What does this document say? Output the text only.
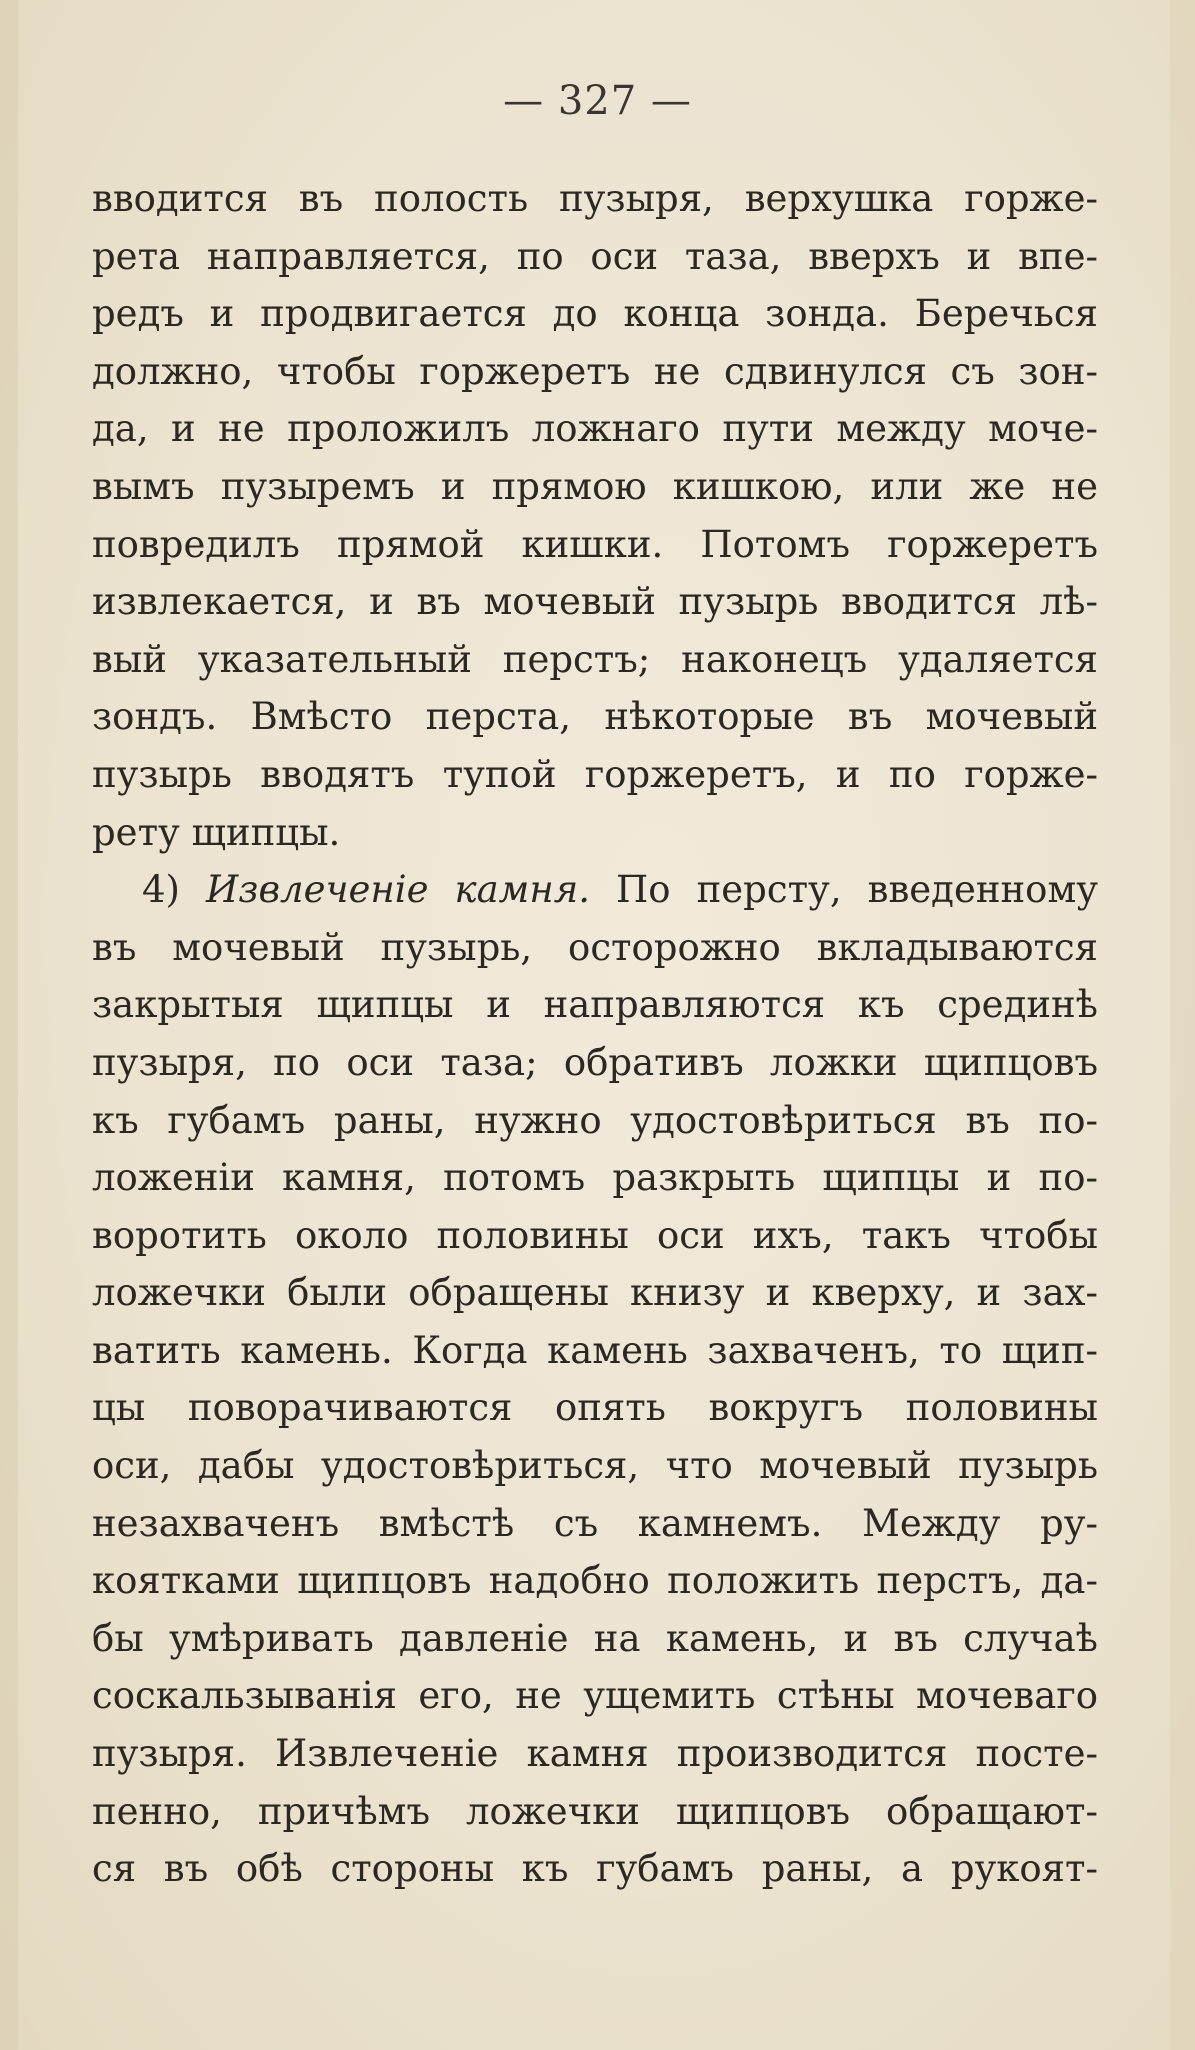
— 327 —
вводится въ полость пузыря, верхушка горже-
рета направляется, по оси таза, вверхъ и впе-
редъ и продвигается до конца зонда. Беречься
должно, чтобы горжеретъ не сдвинулся съ зон-
да, и не проложилъ ложнаго пути между моче-
вымъ пузыремъ и прямою кишкою, или же не
повредилъ прямой кишки. Потомъ горжеретъ
извлекается, и въ мочевый пузырь вводится лѣ-
вый указательный перстъ; наконецъ удаляется
зондъ. Вмѣсто перста, нѣкоторые въ мочевый
пузырь вводятъ тупой горжеретъ, и по горже-
рету щипцы.
4) Извлеченіе камня. По персту, введенному
въ мочевый пузырь, осторожно вкладываются
закрытыя щипцы и направляются къ срединѣ
пузыря, по оси таза; обративъ ложки щипцовъ
къ губамъ раны, нужно удостовѣриться въ по-
ложеніи камня, потомъ разкрыть щипцы и по-
воротить около половины оси ихъ, такъ чтобы
ложечки были обращены книзу и кверху, и зах-
ватить камень. Когда камень захваченъ, то щип-
цы поворачиваются опять вокругъ половины
оси, дабы удостовѣриться, что мочевый пузырь
незахваченъ вмѣстѣ съ камнемъ. Между ру-
коятками щипцовъ надобно положить перстъ, да-
бы умѣривать давленіе на камень, и въ случаѣ
соскальзыванія его, не ущемить стѣны мочеваго
пузыря. Извлеченіе камня производится посте-
пенно, причѣмъ ложечки щипцовъ обращают-
ся въ обѣ стороны къ губамъ раны, а рукоят-
